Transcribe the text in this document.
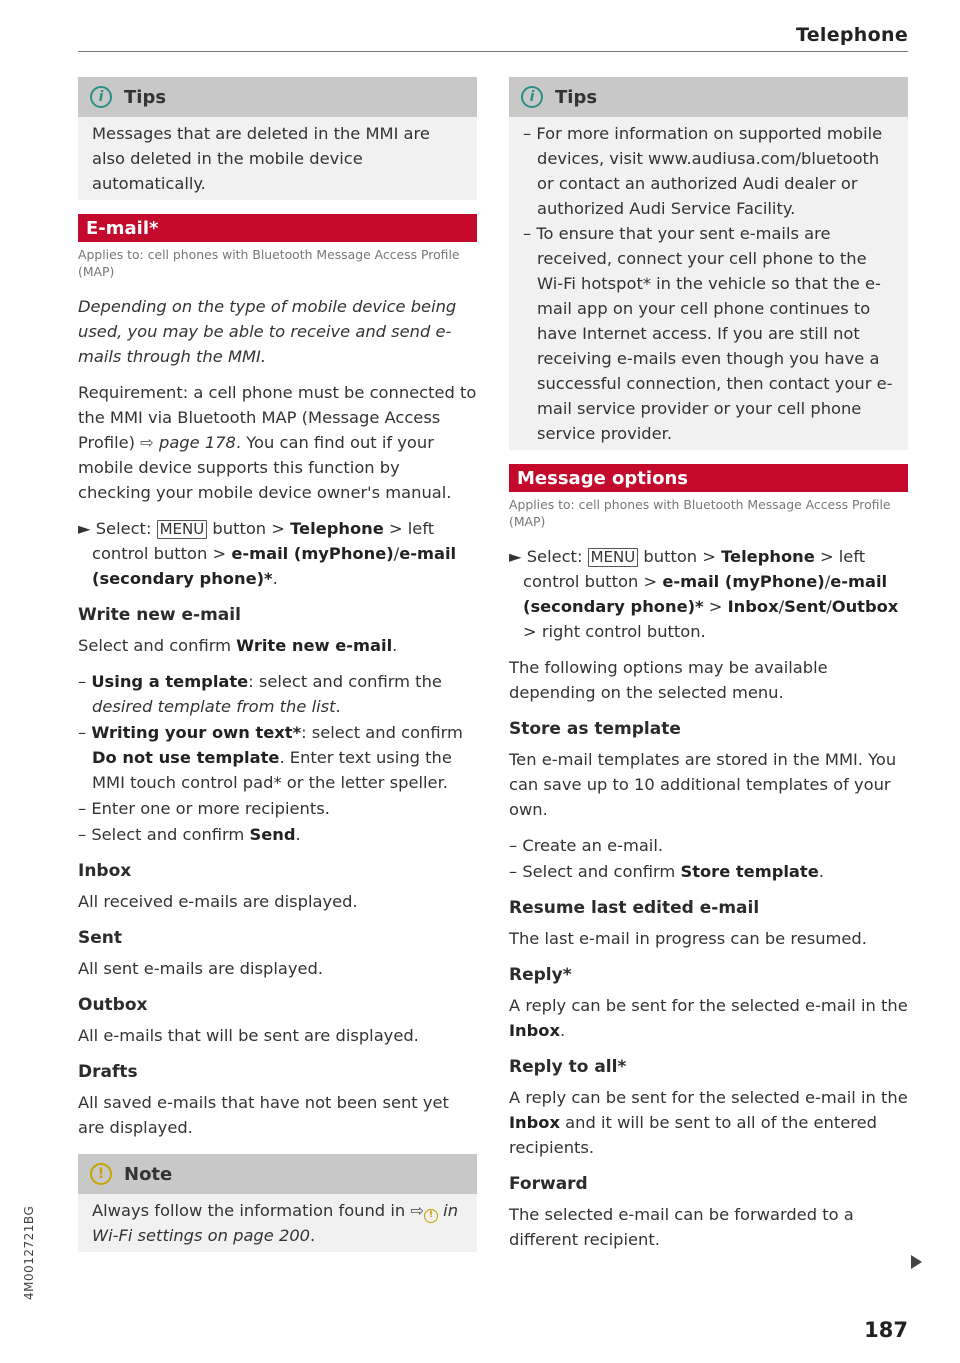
Telephone
i	Tips

Messages that are deleted in the MMI are also deleted in the mobile device automatically.

E-mail*
Applies to: cell phones with Bluetooth Message Access Profile (MAP)

Depending on the type of mobile device being used, you may be able to receive and send e-mails through the MMI.

Requirement: a cell phone must be connected to the MMI via Bluetooth MAP (Message Access Profile) ⇨ page 178. You can find out if your mobile device supports this function by checking your mobile device owner's manual.

► Select: MENU button > Telephone > left control button > e-mail (myPhone)/e-mail (secondary phone)*.

Write new e-mail

Select and confirm Write new e-mail.

– Using a template: select and confirm the desired template from the list.
– Writing your own text*: select and confirm Do not use template. Enter text using the MMI touch control pad* or the letter speller.
– Enter one or more recipients.
– Select and confirm Send.
Inbox

All received e-mails are displayed.

Sent

All sent e-mails are displayed.

Outbox

All e-mails that will be sent are displayed.

Drafts

All saved e-mails that have not been sent yet are displayed.

!	Note

Always follow the information found in ⇨ ! in Wi-Fi settings on page 200.

i	Tips
– For more information on supported mobile devices, visit www.audiusa.com/bluetooth or contact an authorized Audi dealer or authorized Audi Service Facility.
– To ensure that your sent e-mails are received, connect your cell phone to the Wi-Fi hotspot* in the vehicle so that the e-mail app on your cell phone continues to have Internet access. If you are still not receiving e-mails even though you have a successful connection, then contact your e-mail service provider or your cell phone service provider.
Message options
Applies to: cell phones with Bluetooth Message Access Profile (MAP)

► Select: MENU button > Telephone > left control button > e-mail (myPhone)/e-mail (secondary phone)* > Inbox/Sent/Outbox > right control button.

The following options may be available depending on the selected menu.

Store as template

Ten e-mail templates are stored in the MMI. You can save up to 10 additional templates of your own.

– Create an e-mail.
– Select and confirm Store template.
Resume last edited e-mail

The last e-mail in progress can be resumed.

Reply*

A reply can be sent for the selected e-mail in the Inbox.

Reply to all*

A reply can be sent for the selected e-mail in the Inbox and it will be sent to all of the entered recipients.

Forward

The selected e-mail can be forwarded to a different recipient.

4M0012721BG
187
